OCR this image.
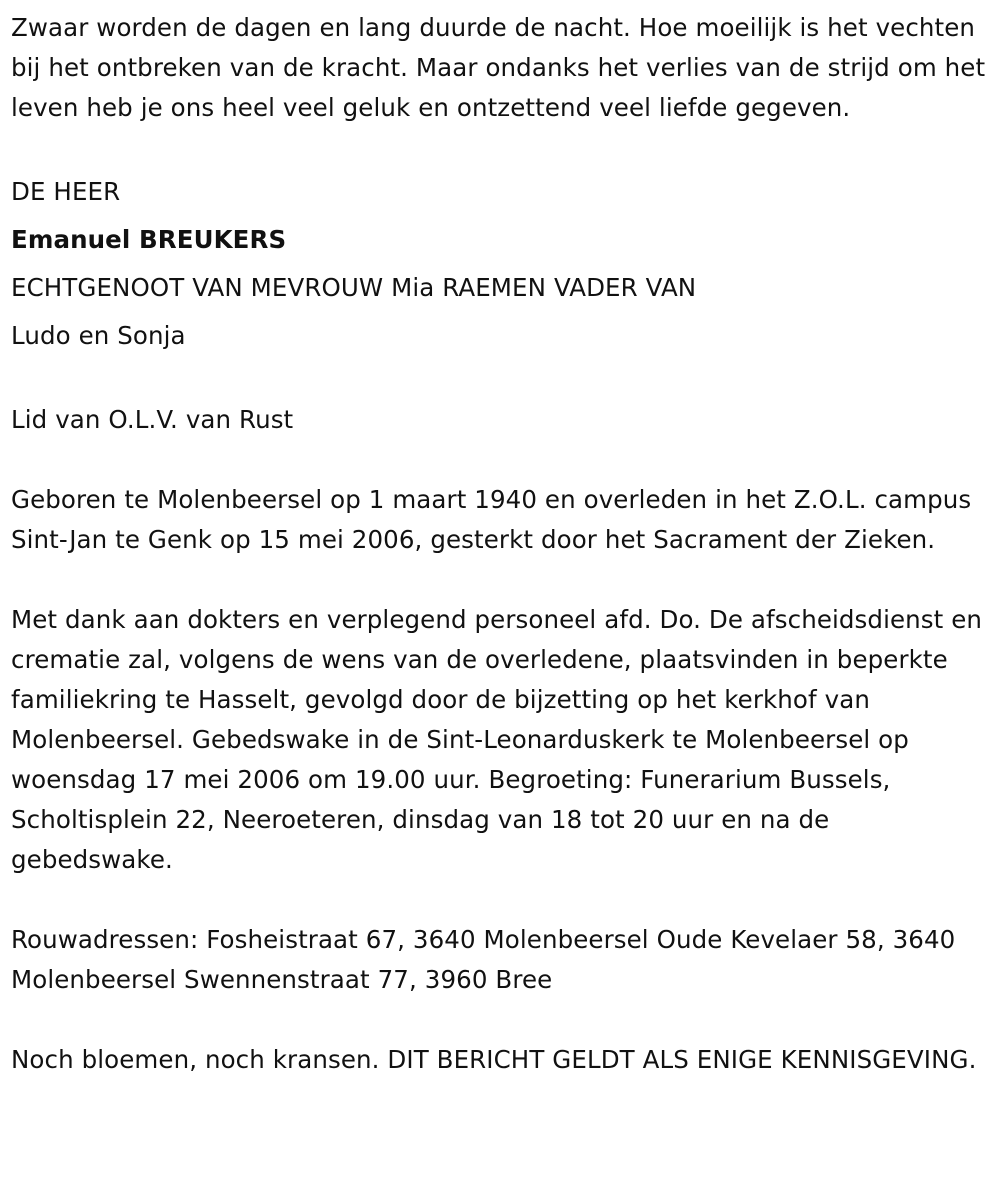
Zwaar worden de dagen en lang duurde de nacht. Hoe moeilijk is het vechten bij het ontbreken van de kracht. Maar ondanks het verlies van de strijd om het leven heb je ons heel veel geluk en ontzettend veel liefde gegeven.

DE HEER

Emanuel BREUKERS

ECHTGENOOT VAN MEVROUW Mia RAEMEN VADER VAN

Ludo en Sonja

Lid van O.L.V. van Rust

Geboren te Molenbeersel op 1 maart 1940 en overleden in het Z.O.L. campus Sint-Jan te Genk op 15 mei 2006, gesterkt door het Sacrament der Zieken.

Met dank aan dokters en verplegend personeel afd. Do. De afscheidsdienst en crematie zal, volgens de wens van de overledene, plaatsvinden in beperkte familiekring te Hasselt, gevolgd door de bijzetting op het kerkhof van Molenbeersel. Gebedswake in de Sint-Leonarduskerk te Molenbeersel op woensdag 17 mei 2006 om 19.00 uur. Begroeting: Funerarium Bussels, Scholtisplein 22, Neeroeteren, dinsdag van 18 tot 20 uur en na de gebedswake.

Rouwadressen: Fosheistraat 67, 3640 Molenbeersel Oude Kevelaer 58, 3640 Molenbeersel Swennenstraat 77, 3960 Bree

Noch bloemen, noch kransen. DIT BERICHT GELDT ALS ENIGE KENNISGEVING.
